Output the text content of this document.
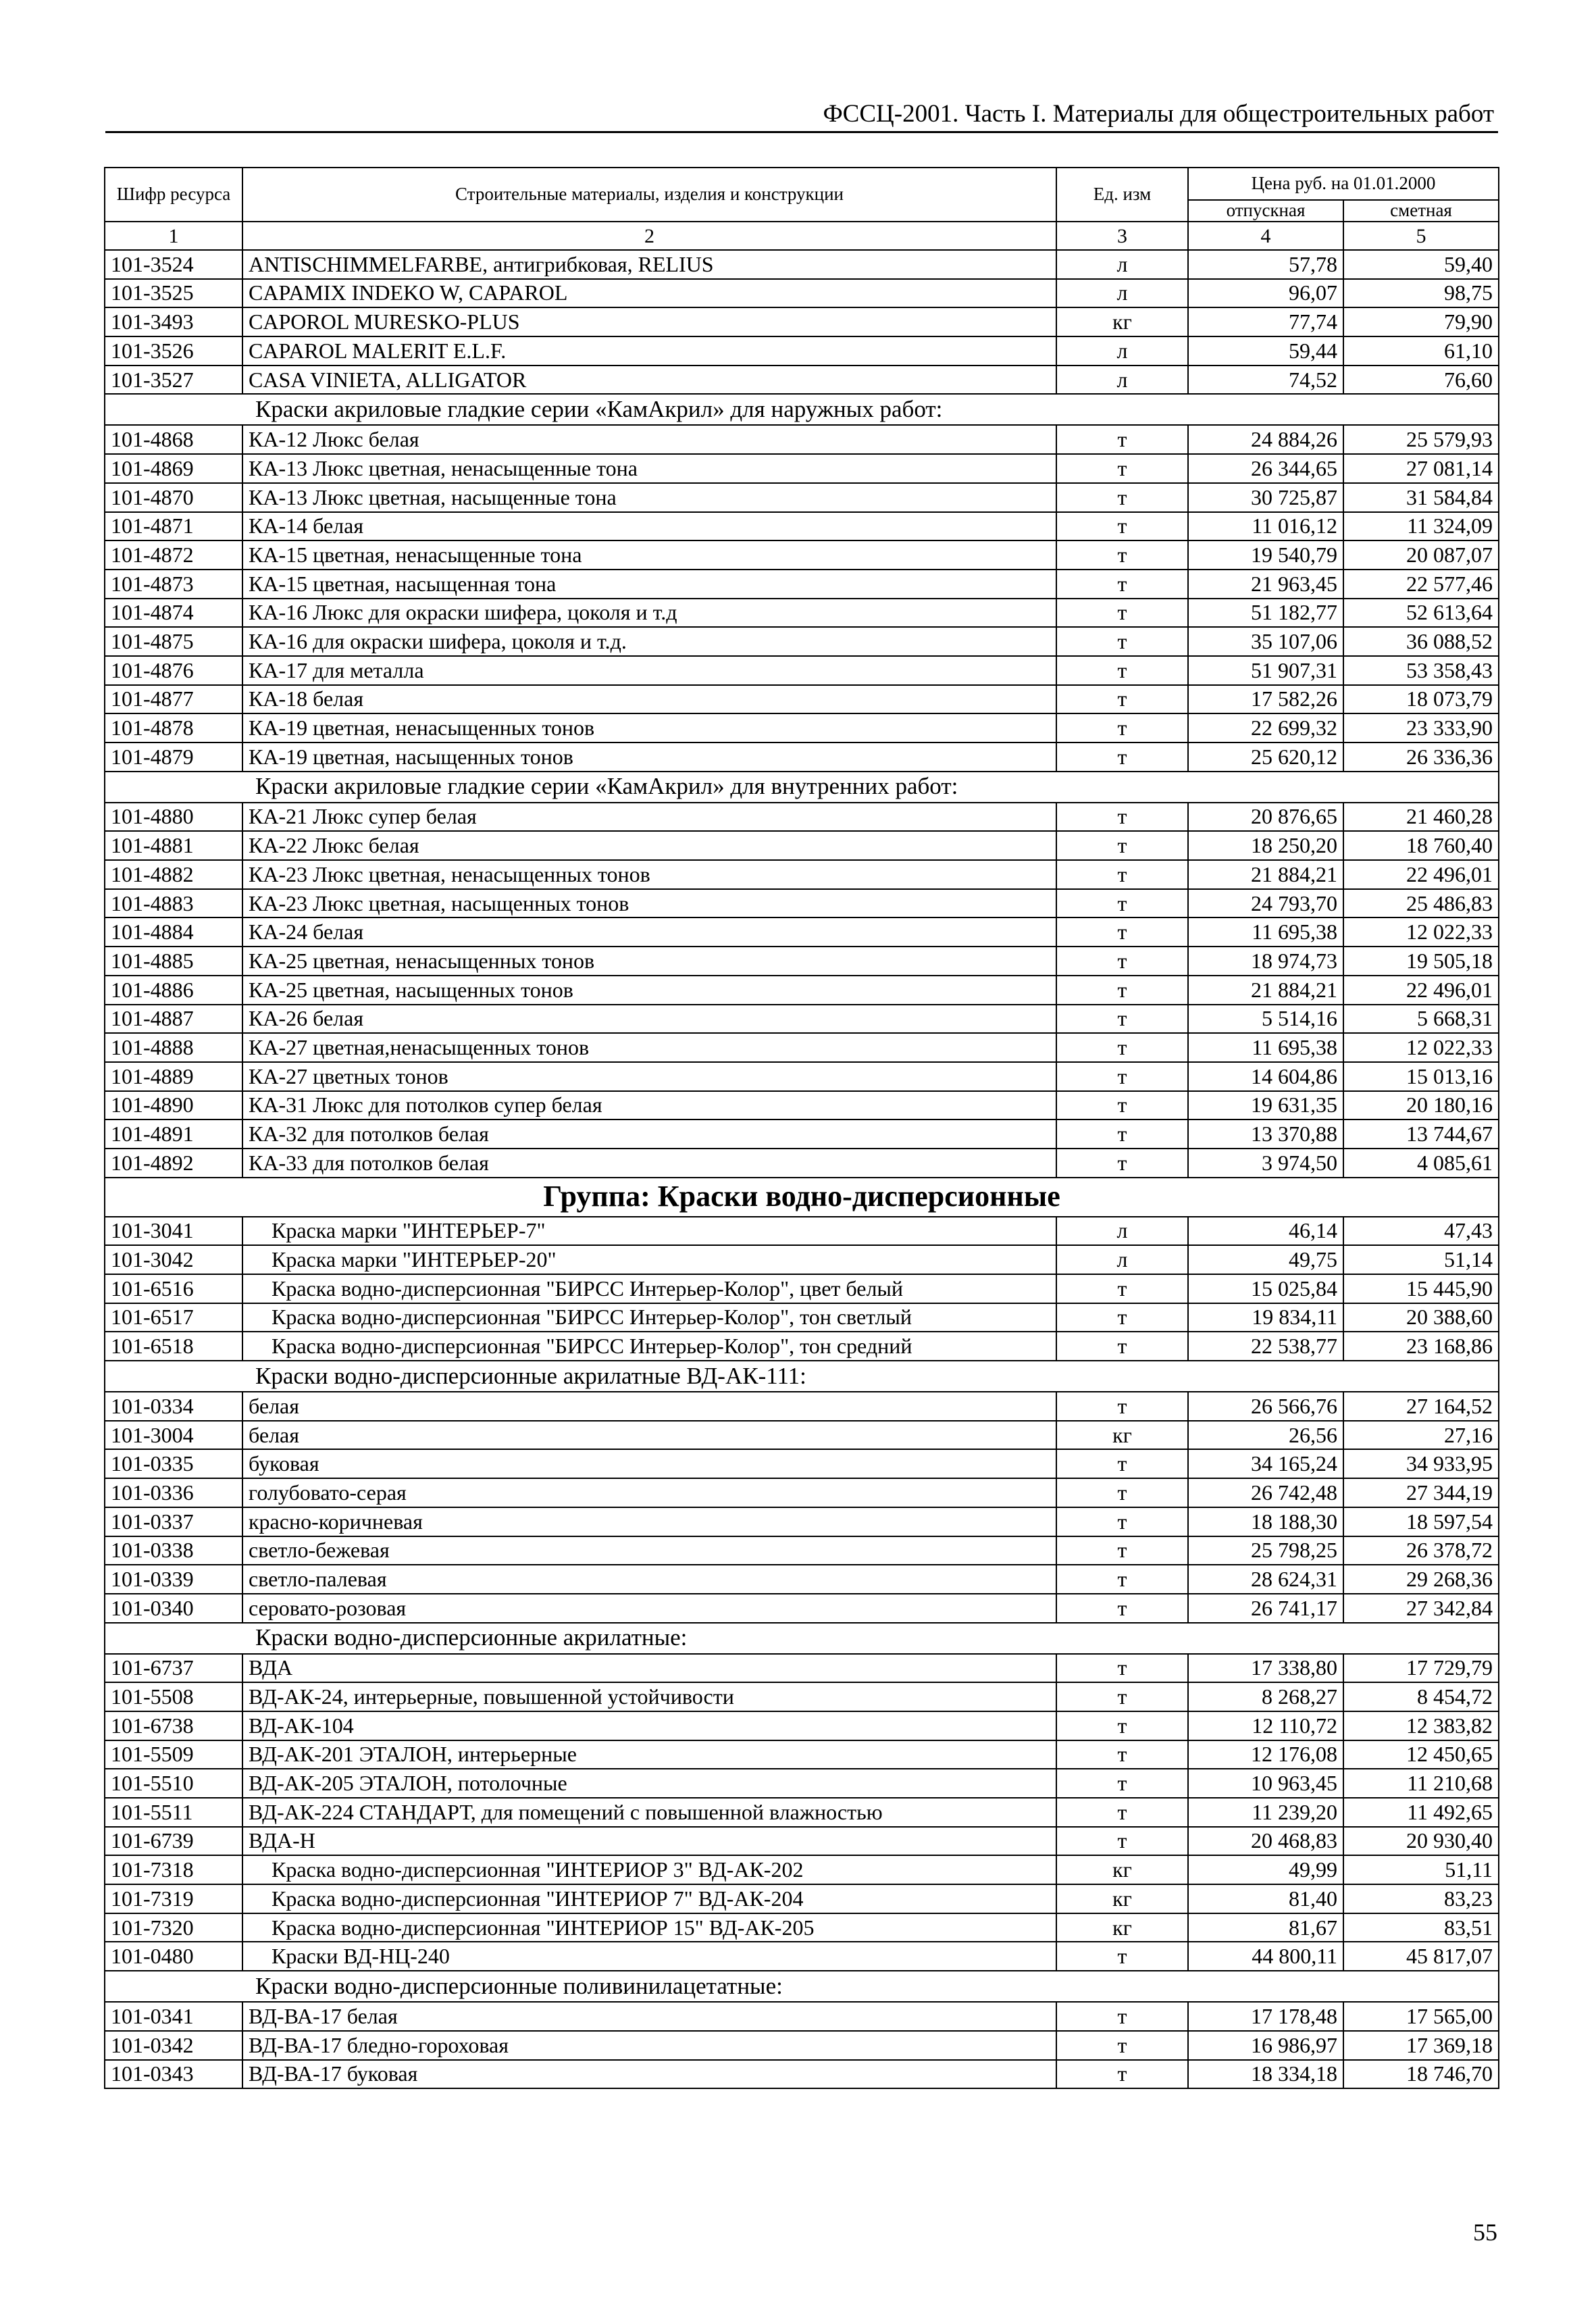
ФССЦ-2001. Часть I. Материалы для общестроительных работ
Шифр ресурса	Строительные материалы, изделия и конструкции	Ед. изм	Цена руб. на 01.01.2000	
			отпускная	сметная
1	2	3	4	5
101-3524	ANTISCHIMMELFARBE, антигрибковая, RELIUS	л	57,78	59,40
101-3525	CAPAMIX INDEKO W, CAPAROL	л	96,07	98,75
101-3493	CAPOROL MURESKO-PLUS	кг	77,74	79,90
101-3526	CAPAROL MALERIT E.L.F.	л	59,44	61,10
101-3527	CASA VINIETA, ALLIGATOR	л	74,52	76,60
Краски акриловые гладкие серии «КамАкрил» для наружных работ:				
101-4868	КА-12 Люкс белая	т	24 884,26	25 579,93
101-4869	КА-13 Люкс цветная, ненасыщенные тона	т	26 344,65	27 081,14
101-4870	КА-13 Люкс цветная, насыщенные тона	т	30 725,87	31 584,84
101-4871	КА-14 белая	т	11 016,12	11 324,09
101-4872	КА-15 цветная, ненасыщенные тона	т	19 540,79	20 087,07
101-4873	КА-15 цветная, насыщенная тона	т	21 963,45	22 577,46
101-4874	КА-16 Люкс для окраски шифера, цоколя и т.д	т	51 182,77	52 613,64
101-4875	КА-16 для окраски шифера, цоколя и т.д.	т	35 107,06	36 088,52
101-4876	КА-17 для металла	т	51 907,31	53 358,43
101-4877	КА-18 белая	т	17 582,26	18 073,79
101-4878	КА-19 цветная, ненасыщенных тонов	т	22 699,32	23 333,90
101-4879	КА-19 цветная, насыщенных тонов	т	25 620,12	26 336,36
Краски акриловые гладкие серии «КамАкрил» для внутренних работ:				
101-4880	КА-21 Люкс супер белая	т	20 876,65	21 460,28
101-4881	КА-22 Люкс белая	т	18 250,20	18 760,40
101-4882	КА-23 Люкс цветная, ненасыщенных тонов	т	21 884,21	22 496,01
101-4883	КА-23 Люкс цветная, насыщенных тонов	т	24 793,70	25 486,83
101-4884	КА-24 белая	т	11 695,38	12 022,33
101-4885	КА-25 цветная, ненасыщенных тонов	т	18 974,73	19 505,18
101-4886	КА-25 цветная, насыщенных тонов	т	21 884,21	22 496,01
101-4887	КА-26 белая	т	5 514,16	5 668,31
101-4888	КА-27 цветная,ненасыщенных тонов	т	11 695,38	12 022,33
101-4889	КА-27 цветных тонов	т	14 604,86	15 013,16
101-4890	КА-31 Люкс для потолков супер белая	т	19 631,35	20 180,16
101-4891	КА-32 для потолков белая	т	13 370,88	13 744,67
101-4892	КА-33 для потолков белая	т	3 974,50	4 085,61
Группа: Краски водно-дисперсионные				
101-3041	Краска марки "ИНТЕРЬЕР-7"	л	46,14	47,43
101-3042	Краска марки "ИНТЕРЬЕР-20"	л	49,75	51,14
101-6516	Краска водно-дисперсионная "БИРСС Интерьер-Колор", цвет белый	т	15 025,84	15 445,90
101-6517	Краска водно-дисперсионная "БИРСС Интерьер-Колор", тон светлый	т	19 834,11	20 388,60
101-6518	Краска водно-дисперсионная "БИРСС Интерьер-Колор", тон средний	т	22 538,77	23 168,86
Краски водно-дисперсионные акрилатные ВД-АК-111:				
101-0334	белая	т	26 566,76	27 164,52
101-3004	белая	кг	26,56	27,16
101-0335	буковая	т	34 165,24	34 933,95
101-0336	голубовато-серая	т	26 742,48	27 344,19
101-0337	красно-коричневая	т	18 188,30	18 597,54
101-0338	светло-бежевая	т	25 798,25	26 378,72
101-0339	светло-палевая	т	28 624,31	29 268,36
101-0340	серовато-розовая	т	26 741,17	27 342,84
Краски водно-дисперсионные акрилатные:				
101-6737	ВДА	т	17 338,80	17 729,79
101-5508	ВД-АК-24, интерьерные, повышенной устойчивости	т	8 268,27	8 454,72
101-6738	ВД-АК-104	т	12 110,72	12 383,82
101-5509	ВД-АК-201 ЭТАЛОН, интерьерные	т	12 176,08	12 450,65
101-5510	ВД-АК-205 ЭТАЛОН, потолочные	т	10 963,45	11 210,68
101-5511	ВД-АК-224 СТАНДАРТ, для помещений с повышенной влажностью	т	11 239,20	11 492,65
101-6739	ВДА-Н	т	20 468,83	20 930,40
101-7318	Краска водно-дисперсионная "ИНТЕРИОР 3" ВД-АК-202	кг	49,99	51,11
101-7319	Краска водно-дисперсионная "ИНТЕРИОР 7" ВД-АК-204	кг	81,40	83,23
101-7320	Краска водно-дисперсионная "ИНТЕРИОР 15" ВД-АК-205	кг	81,67	83,51
101-0480	Краски ВД-НЦ-240	т	44 800,11	45 817,07
Краски водно-дисперсионные поливинилацетатные:				
101-0341	ВД-ВА-17 белая	т	17 178,48	17 565,00
101-0342	ВД-ВА-17 бледно-гороховая	т	16 986,97	17 369,18
101-0343	ВД-ВА-17 буковая	т	18 334,18	18 746,70
55
